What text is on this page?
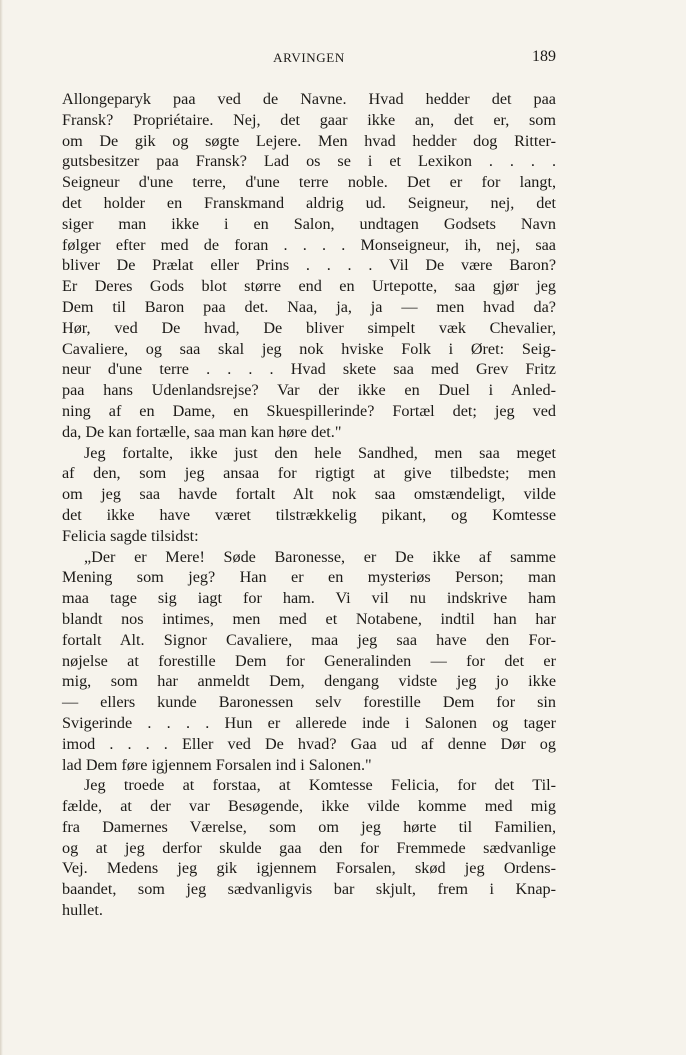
ARVINGEN	189
Allongeparyk paa ved de Navne. Hvad hedder det paa
Fransk? Propriétaire. Nej, det gaar ikke an, det er, som
om De gik og søgte Lejere. Men hvad hedder dog Ritter-
gutsbesitzer paa Fransk? Lad os se i et Lexikon . . . .
Seigneur d'une terre, d'une terre noble. Det er for langt,
det holder en Franskmand aldrig ud. Seigneur, nej, det
siger man ikke i en Salon, undtagen Godsets Navn
følger efter med de foran . . . . Monseigneur, ih, nej, saa
bliver De Prælat eller Prins . . . . Vil De være Baron?
Er Deres Gods blot større end en Urtepotte, saa gjør jeg
Dem til Baron paa det. Naa, ja, ja — men hvad da?
Hør, ved De hvad, De bliver simpelt væk Chevalier,
Cavaliere, og saa skal jeg nok hviske Folk i Øret: Seig-
neur d'une terre . . . . Hvad skete saa med Grev Fritz
paa hans Udenlandsrejse? Var der ikke en Duel i Anled-
ning af en Dame, en Skuespillerinde? Fortæl det; jeg ved
da, De kan fortælle, saa man kan høre det."
Jeg fortalte, ikke just den hele Sandhed, men saa meget
af den, som jeg ansaa for rigtigt at give tilbedste; men
om jeg saa havde fortalt Alt nok saa omstændeligt, vilde
det ikke have været tilstrækkelig pikant, og Komtesse
Felicia sagde tilsidst:
„Der er Mere! Søde Baronesse, er De ikke af samme
Mening som jeg? Han er en mysteriøs Person; man
maa tage sig iagt for ham. Vi vil nu indskrive ham
blandt nos intimes, men med et Notabene, indtil han har
fortalt Alt. Signor Cavaliere, maa jeg saa have den For-
nøjelse at forestille Dem for Generalinden — for det er
mig, som har anmeldt Dem, dengang vidste jeg jo ikke
— ellers kunde Baronessen selv forestille Dem for sin
Svigerinde . . . . Hun er allerede inde i Salonen og tager
imod . . . . Eller ved De hvad? Gaa ud af denne Dør og
lad Dem føre igjennem Forsalen ind i Salonen."
Jeg troede at forstaa, at Komtesse Felicia, for det Til-
fælde, at der var Besøgende, ikke vilde komme med mig
fra Damernes Værelse, som om jeg hørte til Familien,
og at jeg derfor skulde gaa den for Fremmede sædvanlige
Vej. Medens jeg gik igjennem Forsalen, skød jeg Ordens-
baandet, som jeg sædvanligvis bar skjult, frem i Knap-
hullet.
